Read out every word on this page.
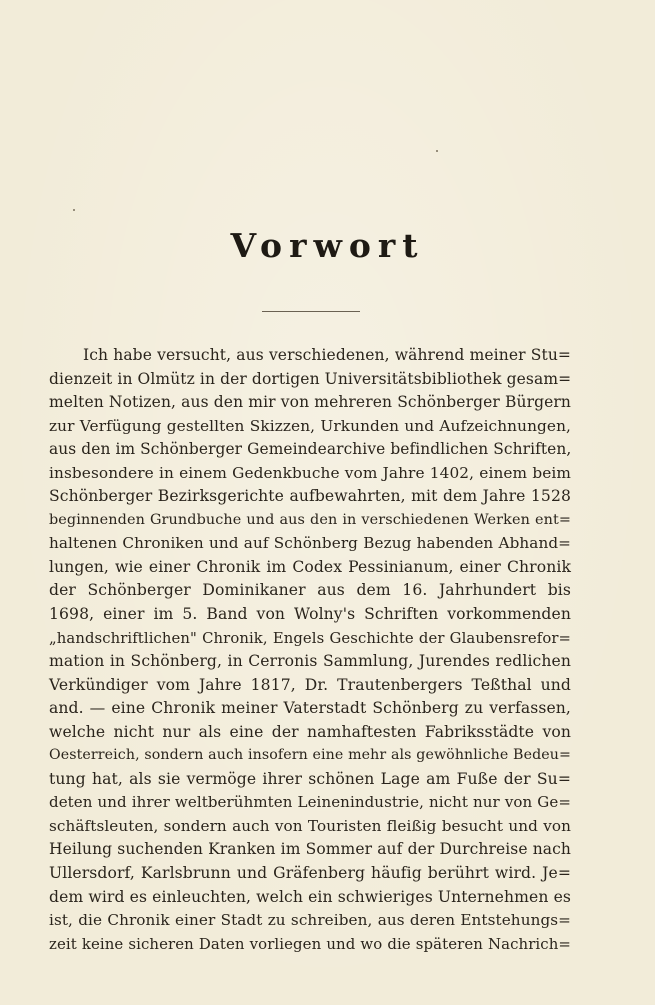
Vorwort
Ich habe versucht, aus verschiedenen, während meiner Stu=
dienzeit in Olmütz in der dortigen Universitätsbibliothek gesam=
melten Notizen, aus den mir von mehreren Schönberger Bürgern
zur Verfügung gestellten Skizzen, Urkunden und Aufzeichnungen,
aus den im Schönberger Gemeindearchive befindlichen Schriften,
insbesondere in einem Gedenkbuche vom Jahre 1402, einem beim
Schönberger Bezirksgerichte aufbewahrten, mit dem Jahre 1528
beginnenden Grundbuche und aus den in verschiedenen Werken ent=
haltenen Chroniken und auf Schönberg Bezug habenden Abhand=
lungen, wie einer Chronik im Codex Pessinianum, einer Chronik
der Schönberger Dominikaner aus dem 16. Jahrhundert bis
1698, einer im 5. Band von Wolny's Schriften vorkommenden
„handschriftlichen" Chronik, Engels Geschichte der Glaubensrefor=
mation in Schönberg, in Cerronis Sammlung, Jurendes redlichen
Verkündiger vom Jahre 1817, Dr. Trautenbergers Teßthal und
and. — eine Chronik meiner Vaterstadt Schönberg zu verfassen,
welche nicht nur als eine der namhaftesten Fabriksstädte von
Oesterreich, sondern auch insofern eine mehr als gewöhnliche Bedeu=
tung hat, als sie vermöge ihrer schönen Lage am Fuße der Su=
deten und ihrer weltberühmten Leinenindustrie, nicht nur von Ge=
schäftsleuten, sondern auch von Touristen fleißig besucht und von
Heilung suchenden Kranken im Sommer auf der Durchreise nach
Ullersdorf, Karlsbrunn und Gräfenberg häufig berührt wird. Je=
dem wird es einleuchten, welch ein schwieriges Unternehmen es
ist, die Chronik einer Stadt zu schreiben, aus deren Entstehungs=
zeit keine sicheren Daten vorliegen und wo die späteren Nachrich=
